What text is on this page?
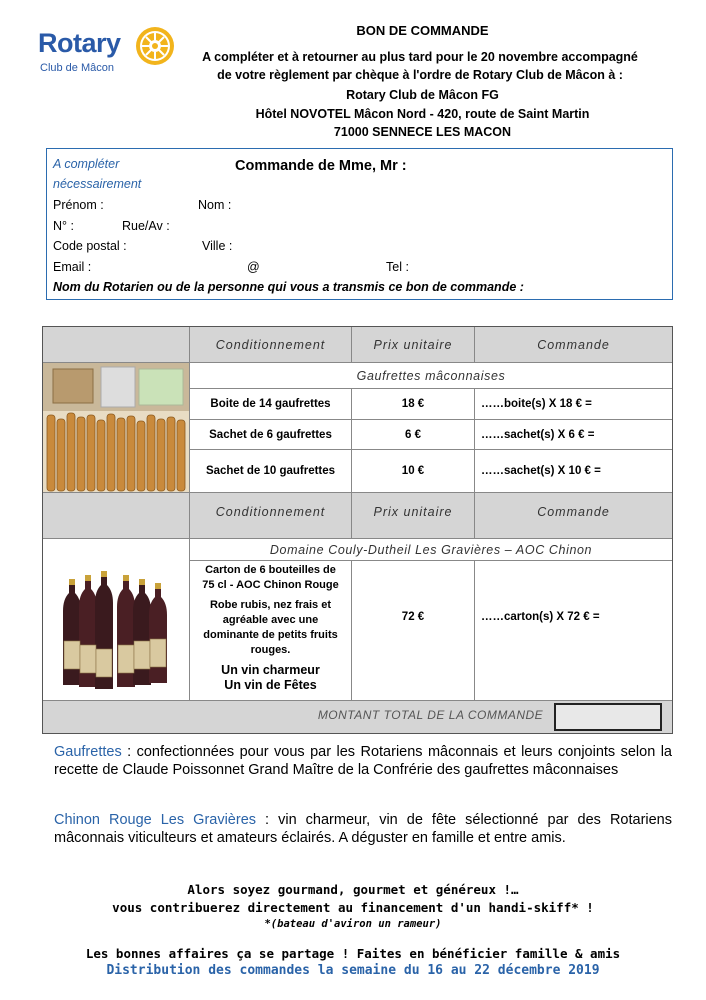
Rotary
Club de Mâcon
BON DE COMMANDE
A compléter et à retourner au plus tard pour le 20 novembre accompagné
de votre règlement par chèque à l'ordre de Rotary Club de Mâcon à :
Rotary Club de Mâcon FG
Hôtel NOVOTEL Mâcon Nord - 420, route de Saint Martin
71000 SENNECE LES MACON
A compléter
nécessairement
Commande de Mme, Mr :
Prénom :	Nom :
N° :	Rue/Av :
Code postal :	Ville :
Email :	@	Tel :
Nom du Rotarien ou de la personne qui vous a transmis ce bon de commande :
Conditionnement	Prix unitaire	Commande
Gaufrettes mâconnaises
Boite de 14 gaufrettes	18 €	……boite(s) X 18 € =
Sachet de 6 gaufrettes	6 €	……sachet(s) X 6 € =
Sachet de 10 gaufrettes	10 €	……sachet(s) X 10 € =
Conditionnement	Prix unitaire	Commande
Domaine Couly-Dutheil Les Gravières – AOC Chinon
Carton de 6 bouteilles de
75 cl - AOC Chinon Rouge
Robe rubis, nez frais et
agréable avec une
dominante de petits fruits
rouges.
Un vin charmeur
Un vin de Fêtes
72 €	……carton(s) X 72 € =
MONTANT TOTAL DE LA COMMANDE
Gaufrettes : confectionnées pour vous par les Rotariens mâconnais et leurs conjoints selon la recette de Claude Poissonnet Grand Maître de la Confrérie des gaufrettes mâconnaises
Chinon Rouge Les Gravières : vin charmeur, vin de fête sélectionné par des Rotariens mâconnais viticulteurs et amateurs éclairés. A déguster en famille et entre amis.
Alors soyez gourmand, gourmet et généreux !…
vous contribuerez directement au financement d'un handi-skiff* !
*(bateau d'aviron un rameur)
Les bonnes affaires ça se partage ! Faites en bénéficier famille & amis
Distribution des commandes la semaine du 16 au 22 décembre 2019
